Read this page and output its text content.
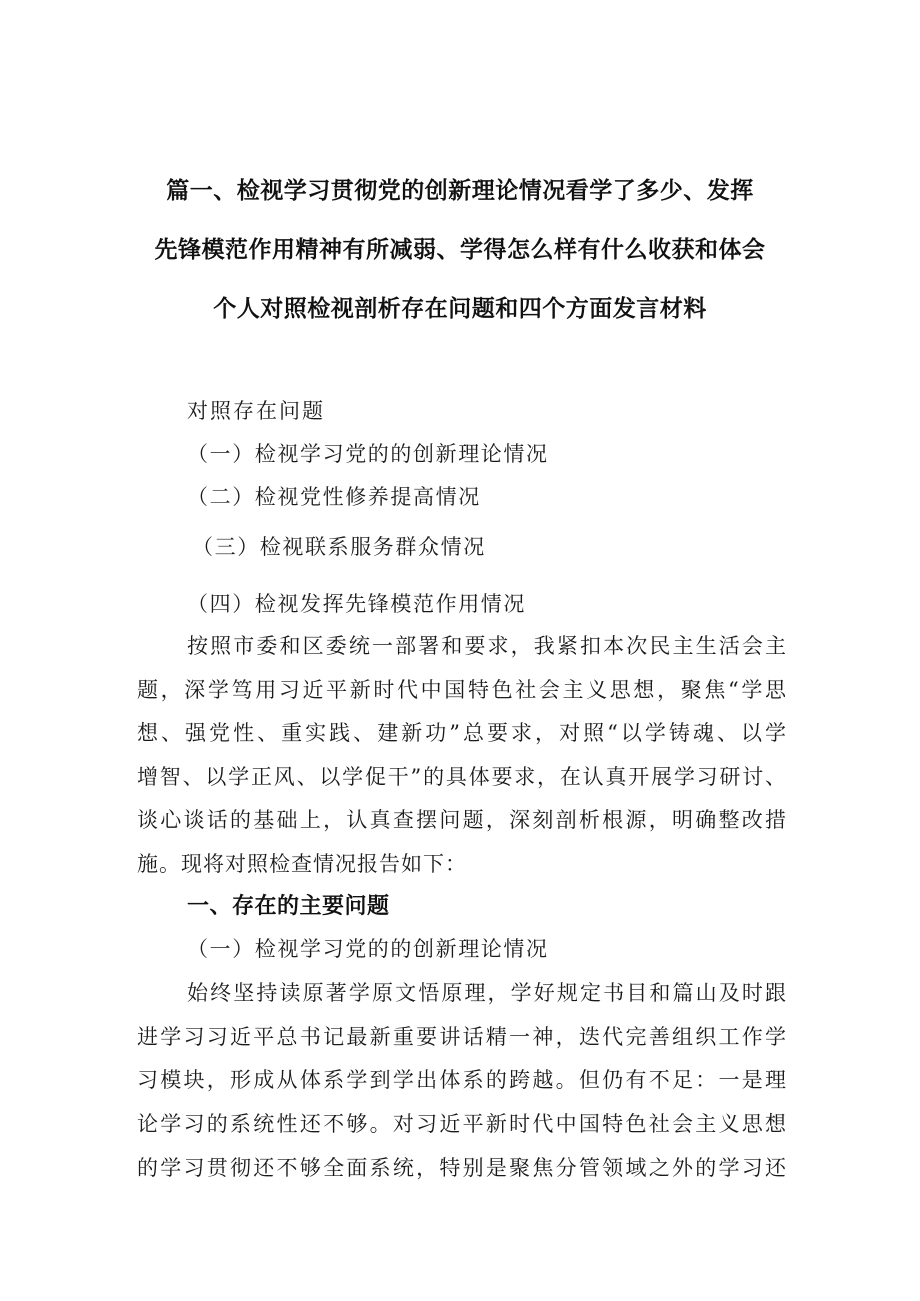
篇一、检视学习贯彻党的创新理论情况看学了多少、发挥
先锋模范作用精神有所减弱、学得怎么样有什么收获和体会
个人对照检视剖析存在问题和四个方面发言材料
对照存在问题
（一）检视学习党的的创新理论情况
（二）检视党性修养提高情况
（三）检视联系服务群众情况
（四）检视发挥先锋模范作用情况
按照市委和区委统一部署和要求，我紧扣本次民主生活会主
题，深学笃用习近平新时代中国特色社会主义思想，聚焦“学思
想、强党性、重实践、建新功”总要求，对照“以学铸魂、以学
增智、以学正风、以学促干”的具体要求，在认真开展学习研讨、
谈心谈话的基础上，认真查摆问题，深刻剖析根源，明确整改措
施。现将对照检查情况报告如下：
一、存在的主要问题
（一）检视学习党的的创新理论情况
始终坚持读原著学原文悟原理，学好规定书目和篇山及时跟
进学习习近平总书记最新重要讲话精一神，迭代完善组织工作学
习模块，形成从体系学到学出体系的跨越。但仍有不足：一是理
论学习的系统性还不够。对习近平新时代中国特色社会主义思想
的学习贯彻还不够全面系统，特别是聚焦分管领域之外的学习还
